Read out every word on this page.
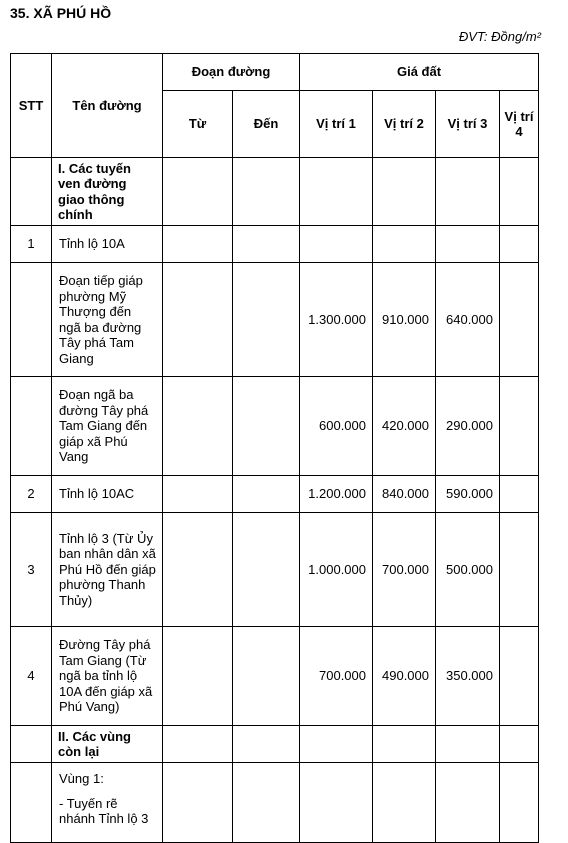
35. XÃ PHÚ HỒ
ĐVT: Đồng/m²
STT	Tên đường	Đoạn đường		Giá đất			
		Từ	Đến	Vị trí 1	Vị trí 2	Vị trí 3	Vị trí 4
	I. Các tuyến ven đường giao thông chính						
1	Tỉnh lộ 10A						
	Đoạn tiếp giáp phường Mỹ Thượng đến ngã ba đường Tây phá Tam Giang			1.300.000	910.000	640.000	
	Đoạn ngã ba đường Tây phá Tam Giang đến giáp xã Phú Vang			600.000	420.000	290.000	
2	Tỉnh lộ 10AC			1.200.000	840.000	590.000	
3	Tỉnh lộ 3 (Từ Ủy ban nhân dân xã Phú Hồ đến giáp phường Thanh Thủy)			1.000.000	700.000	500.000	
4	Đường Tây phá Tam Giang (Từ ngã ba tỉnh lộ 10A đến giáp xã Phú Vang)			700.000	490.000	350.000	
	II. Các vùng còn lại						

	Vùng 1:
- Tuyến rẽ nhánh Tỉnh lộ 3						
